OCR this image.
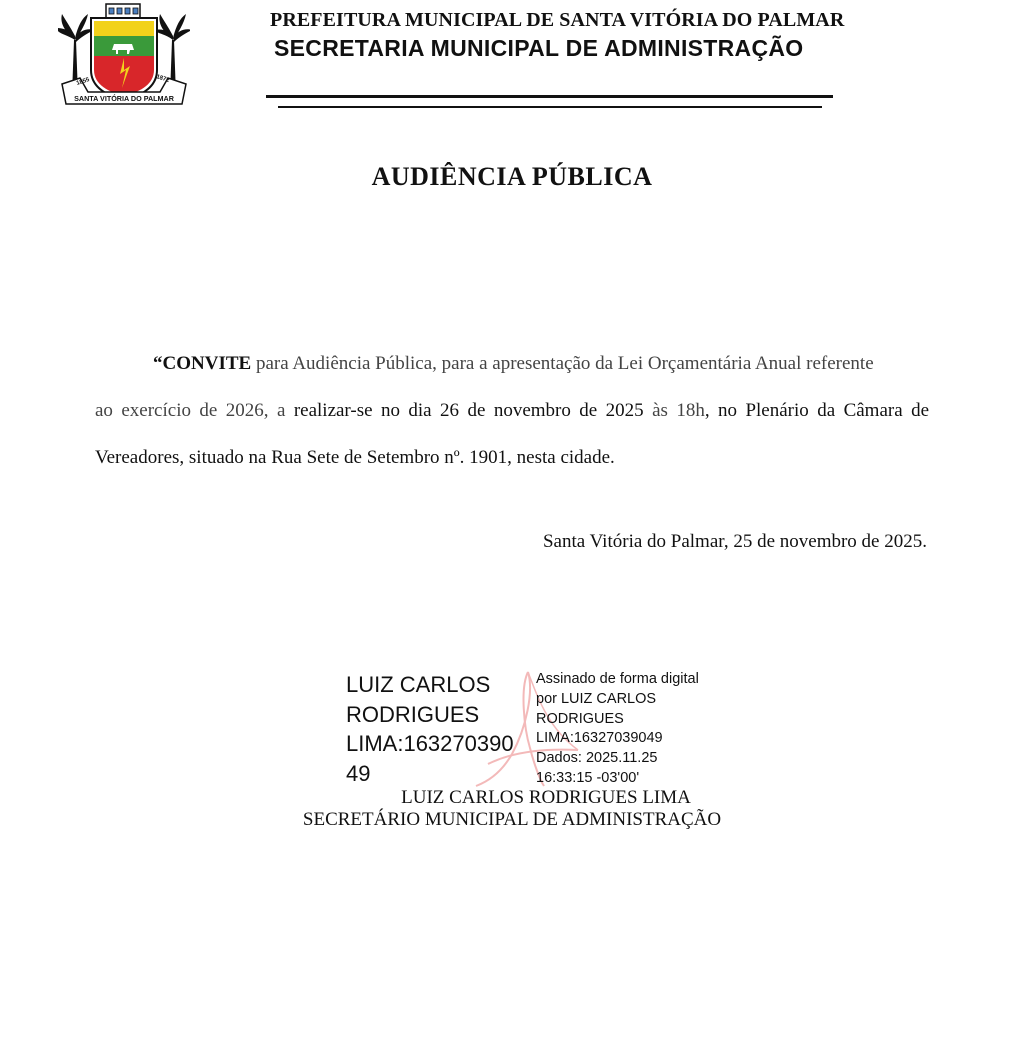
1855	1872
SANTA VITÓRIA DO PALMAR
PREFEITURA MUNICIPAL DE SANTA VITÓRIA DO PALMAR
SECRETARIA MUNICIPAL DE ADMINISTRAÇÃO
AUDIÊNCIA PÚBLICA
“CONVITE para Audiência Pública, para a apresentação da Lei Orçamentária Anual referente
ao exercício de 2026, a realizar-se no dia 26 de novembro de 2025 às 18h, no Plenário da Câmara de
Vereadores, situado na Rua Sete de Setembro nº. 1901, nesta cidade.
Santa Vitória do Palmar, 25 de novembro de 2025.
LUIZ CARLOS
RODRIGUES
LIMA:163270390
49
Assinado de forma digital
por LUIZ CARLOS
RODRIGUES
LIMA:16327039049
Dados: 2025.11.25
16:33:15 -03'00'
LUIZ CARLOS RODRIGUES LIMA
SECRETÁRIO MUNICIPAL DE ADMINISTRAÇÃO
